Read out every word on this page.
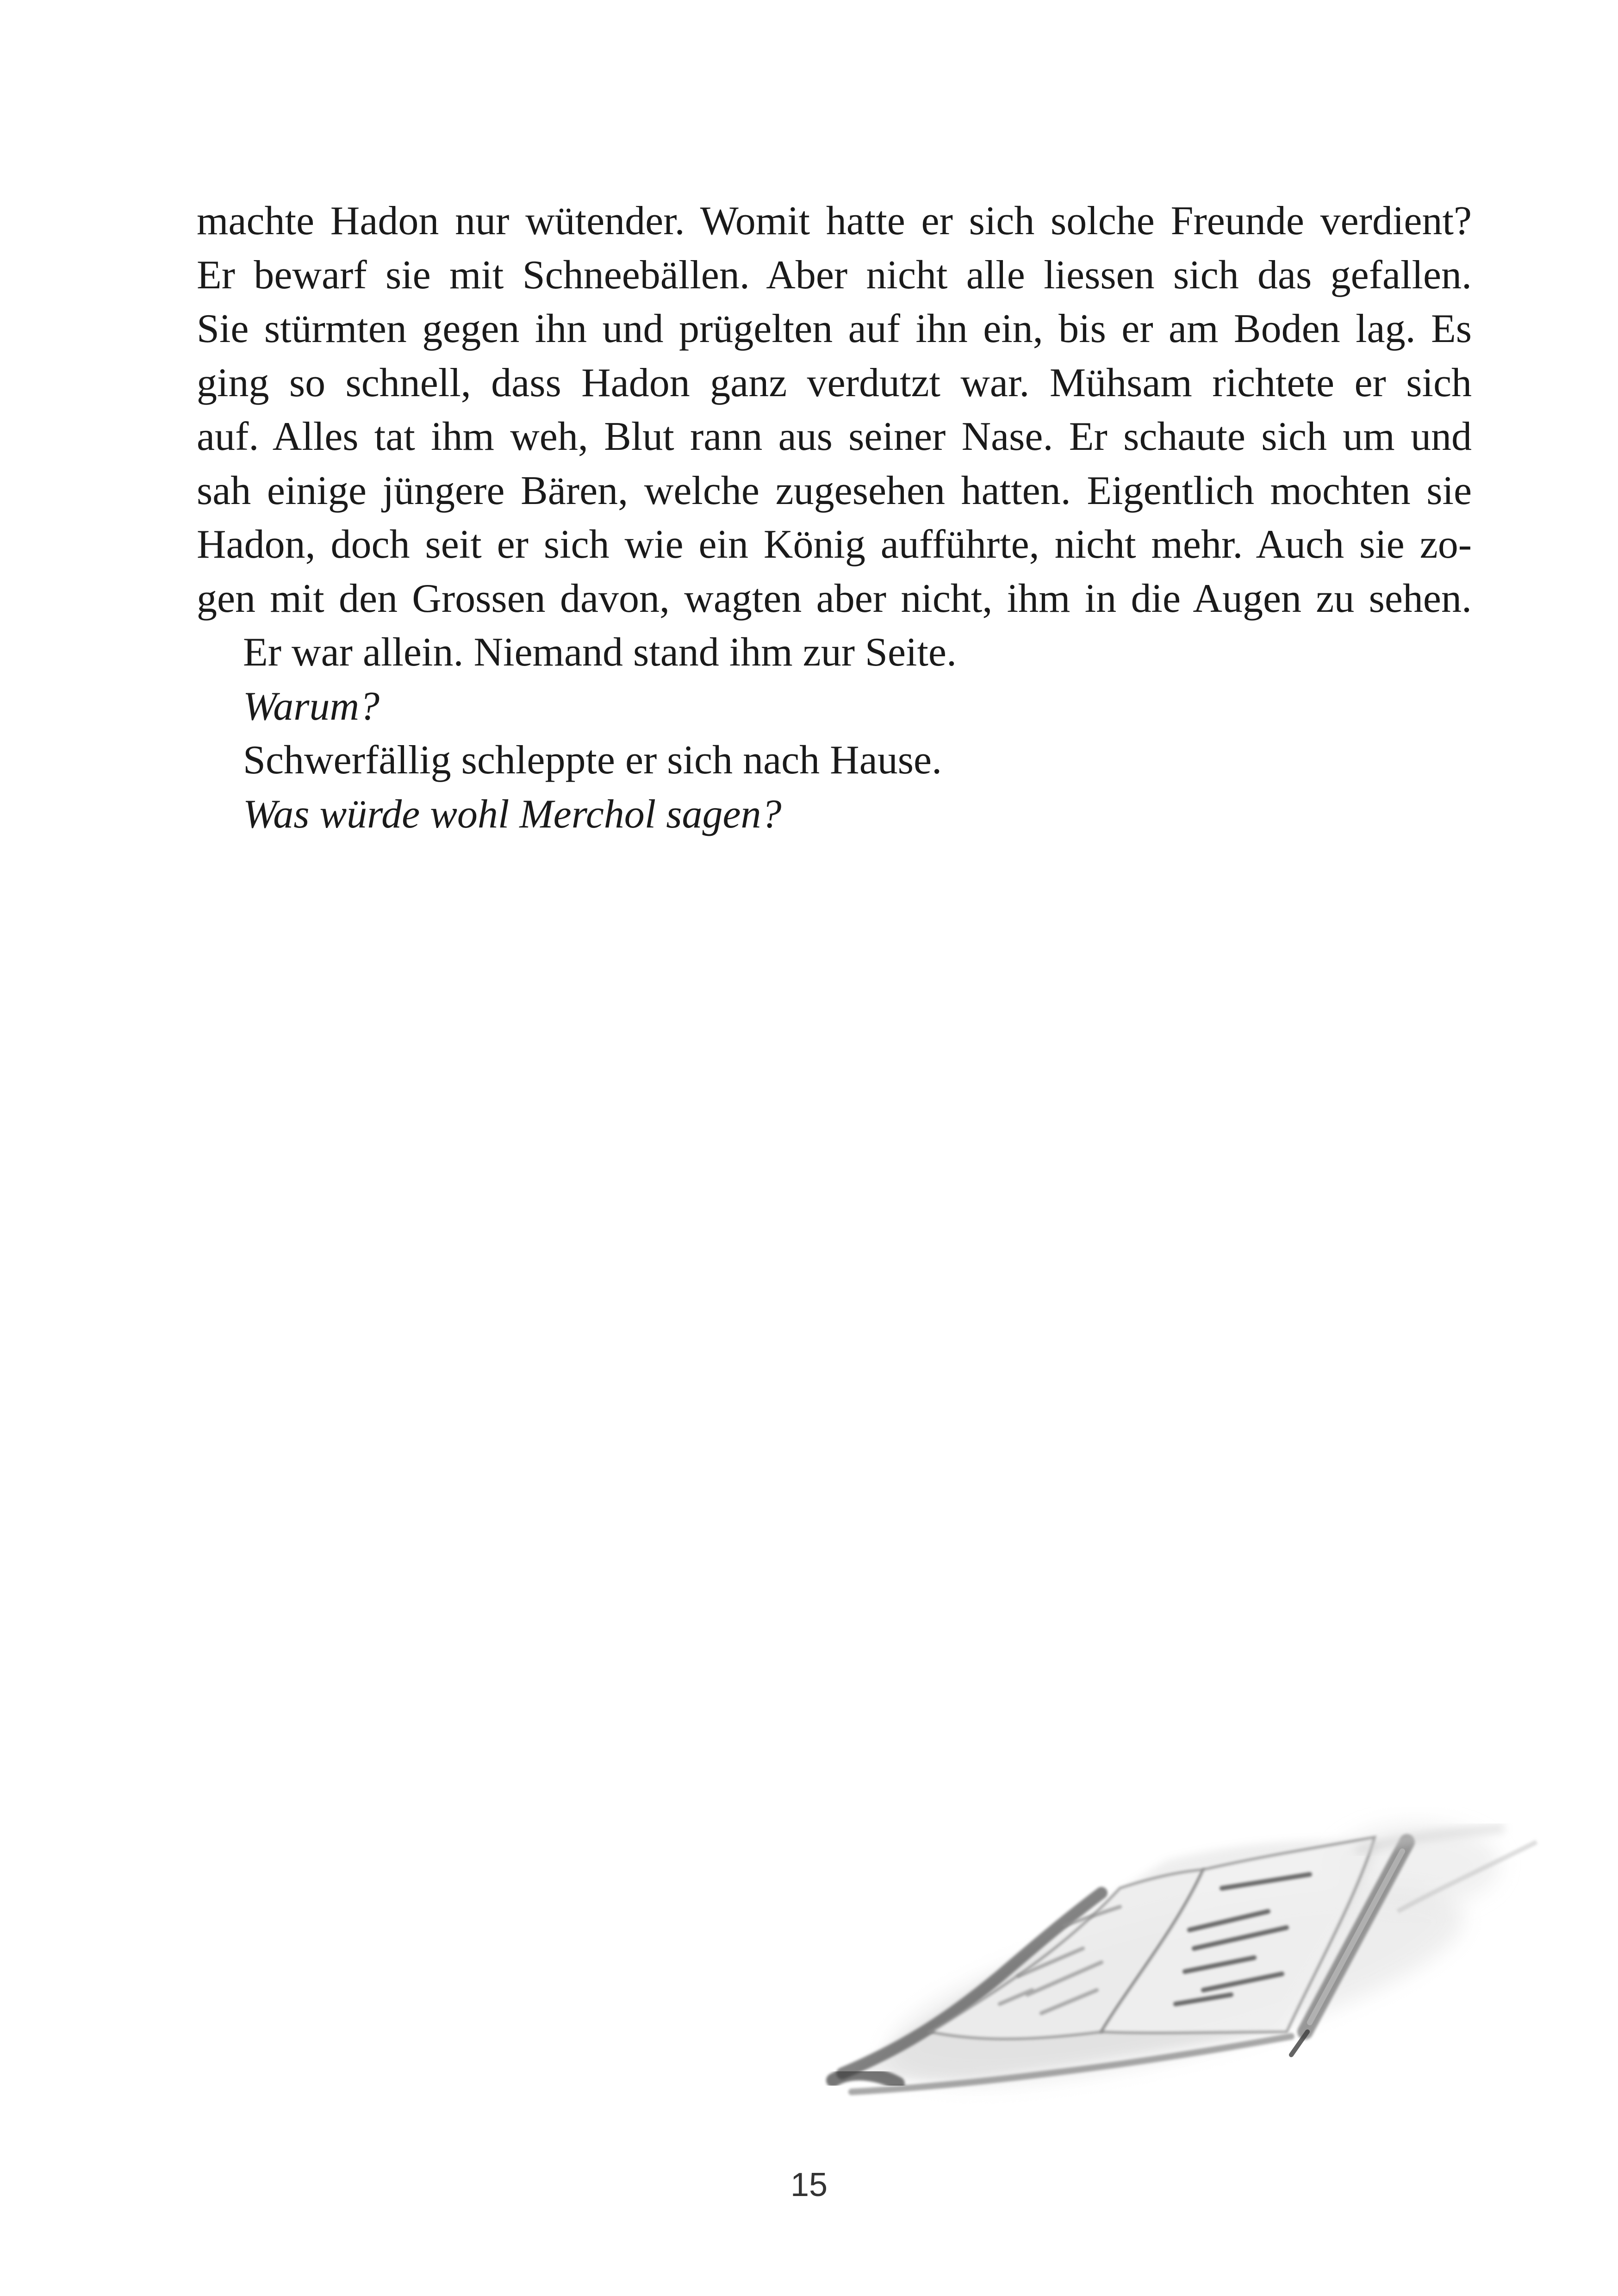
machte Hadon nur wütender. Womit hatte er sich solche Freunde verdient?
Er bewarf sie mit Schneebällen. Aber nicht alle liessen sich das gefallen.
Sie stürmten gegen ihn und prügelten auf ihn ein, bis er am Boden lag. Es
ging so schnell, dass Hadon ganz verdutzt war. Mühsam richtete er sich
auf. Alles tat ihm weh, Blut rann aus seiner Nase. Er schaute sich um und
sah einige jüngere Bären, welche zugesehen hatten. Eigentlich mochten sie
Hadon, doch seit er sich wie ein König aufführte, nicht mehr. Auch sie zo-
gen mit den Grossen davon, wagten aber nicht, ihm in die Augen zu sehen.
Er war allein. Niemand stand ihm zur Seite.
Warum?
Schwerfällig schleppte er sich nach Hause.
Was würde wohl Merchol sagen?
15
